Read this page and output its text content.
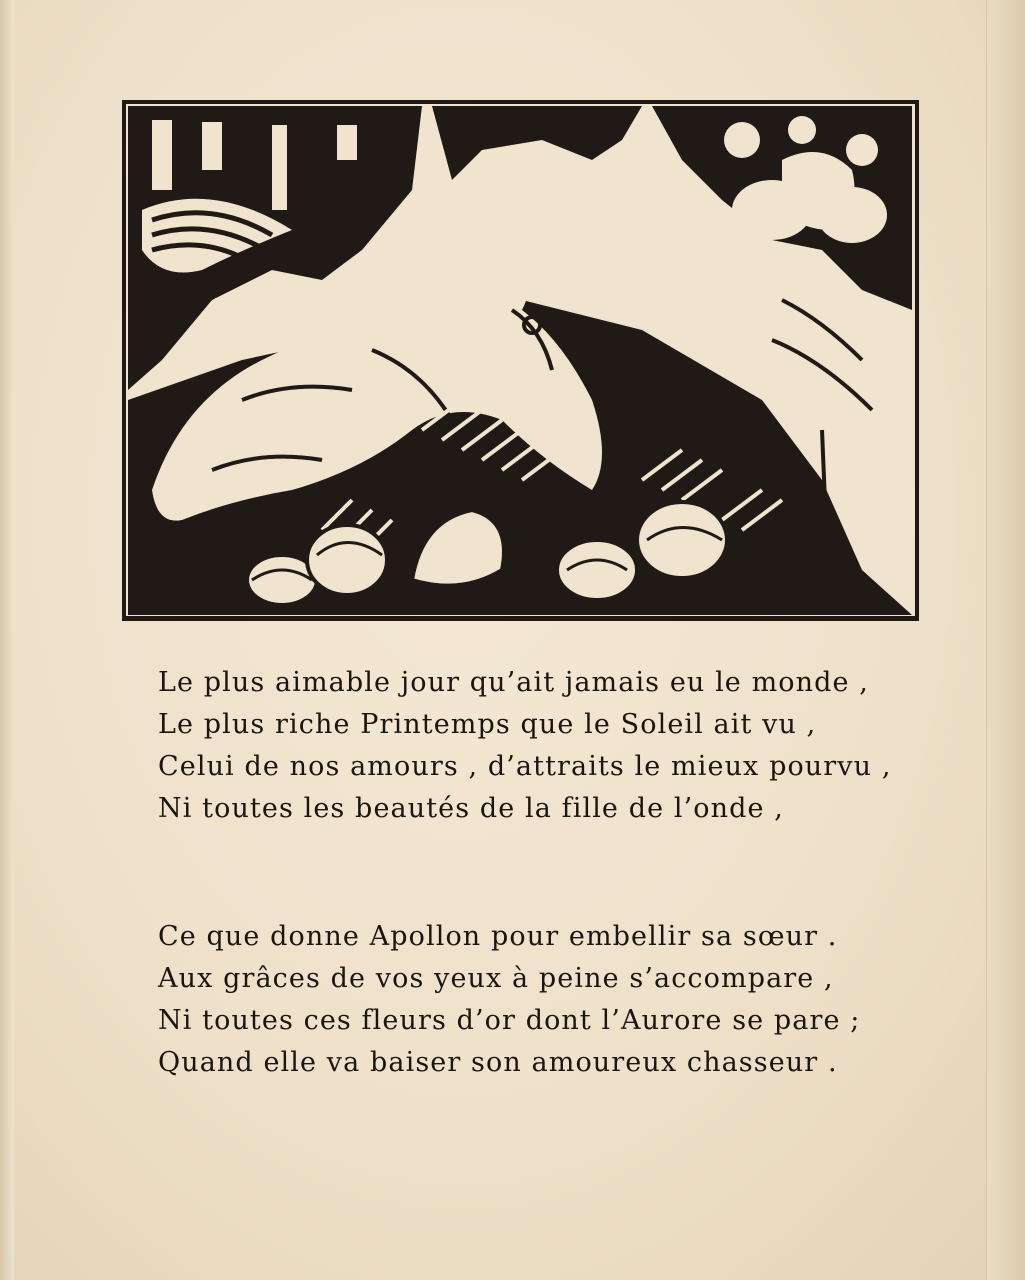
Le plus aimable jour qu’ait jamais eu le monde ,
Le plus riche Printemps que le Soleil ait vu ,
Celui de nos amours , d’attraits le mieux pourvu ,
Ni toutes les beautés de la fille de l’onde ,
Ce que donne Apollon pour embellir sa sœur .
Aux grâces de vos yeux à peine s’accompare ,
Ni toutes ces fleurs d’or dont l’Aurore se pare ;
Quand elle va baiser son amoureux chasseur .
